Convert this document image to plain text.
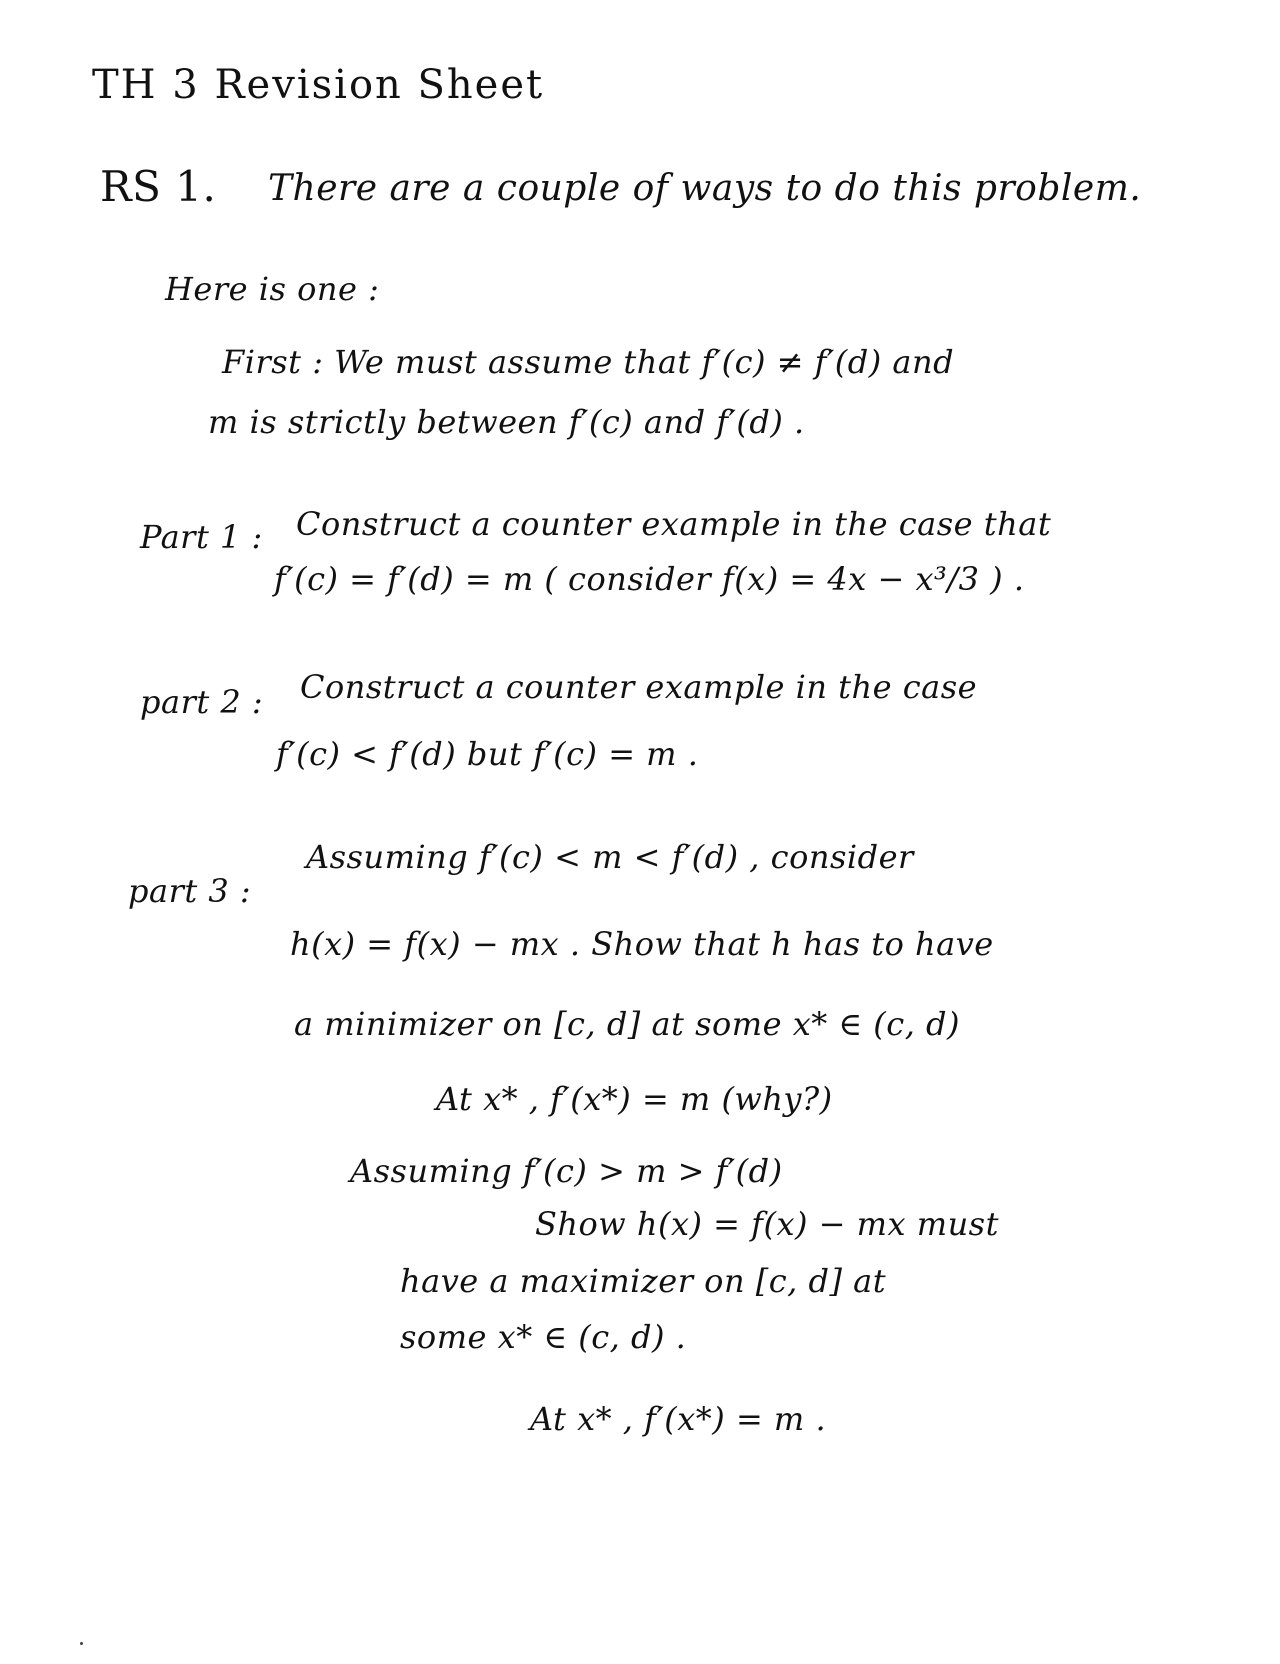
TH 3 Revision Sheet
RS 1. There are a couple of ways to do this problem.
Here is one :
First : We must assume that f′(c) ≠ f′(d) and
m is strictly between f′(c) and f′(d) .
Part 1 : Construct a counter example in the case that
f′(c) = f′(d) = m ( consider f(x) = 4x − x³/3 ) .
part 2 : Construct a counter example in the case
f′(c) < f′(d) but f′(c) = m .
part 3 :
Assuming f′(c) < m < f′(d) , consider
h(x) = f(x) − mx . Show that h has to have
a minimizer on [c, d] at some x* ∈ (c, d)
At x* , f′(x*) = m (why?)
Assuming f′(c) > m > f′(d)
Show h(x) = f(x) − mx must
have a maximizer on [c, d] at
some x* ∈ (c, d) .
At x* , f′(x*) = m .
